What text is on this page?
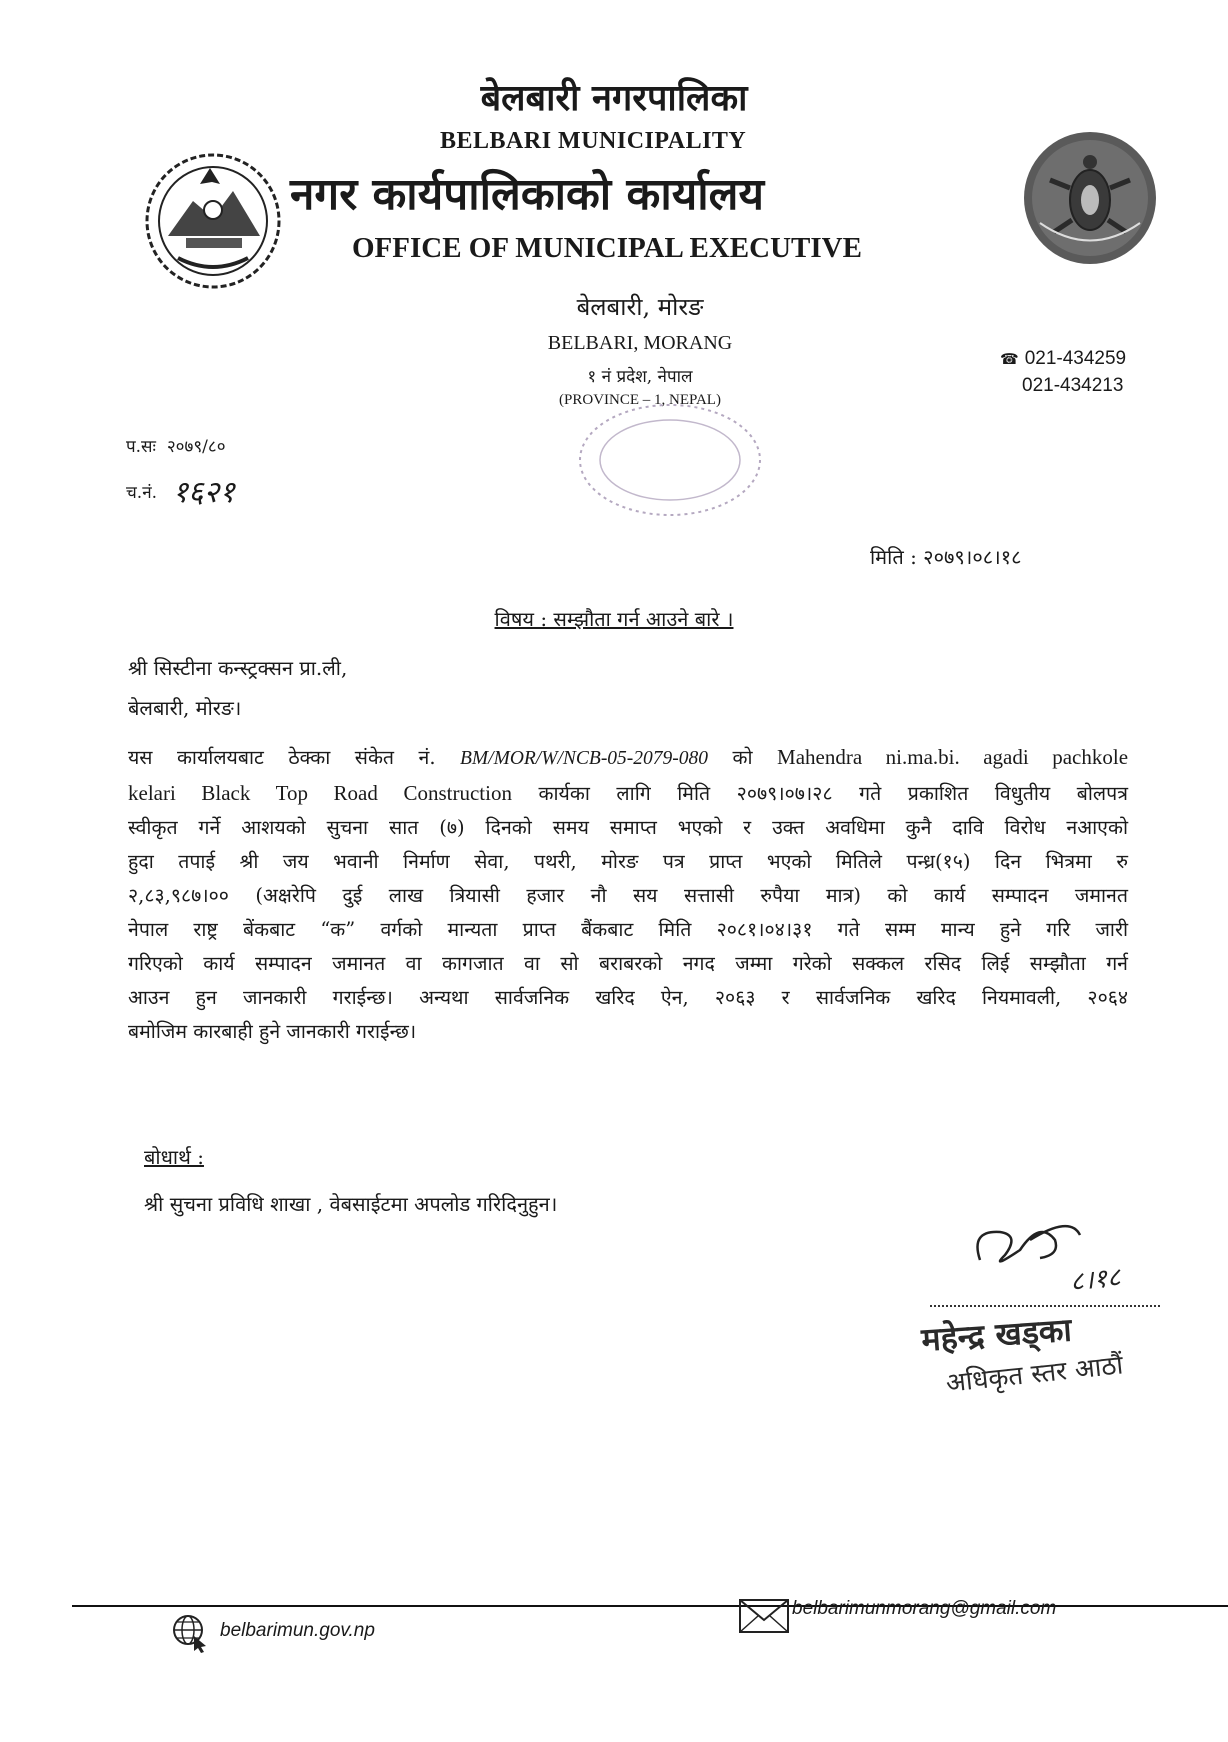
बेलबारी नगरपालिका
BELBARI MUNICIPALITY
नगर कार्यपालिकाको कार्यालय
OFFICE OF MUNICIPAL EXECUTIVE
बेलबारी, मोरङ
BELBARI, MORANG
१ नं प्रदेश, नेपाल
(PROVINCE – 1, NEPAL)
☎ 021-434259
021-434213
प.सः २०७९/८०
च.नं. १६२१
मिति : २०७९।०८।१८
विषय : सम्झौता गर्न आउने बारे ।
श्री सिस्टीना कन्स्ट्रक्सन प्रा.ली,
बेलबारी, मोरङ।
यस कार्यालयबाट ठेक्का संकेत नं. BM/MOR/W/NCB-05-2079-080 को Mahendra ni.ma.bi. agadi pachkole
kelari Black Top Road Construction कार्यका लागि मिति २०७९।०७।२८ गते प्रकाशित विधुतीय बोलपत्र
स्वीकृत गर्ने आशयको सुचना सात (७) दिनको समय समाप्त भएको र उक्त अवधिमा कुनै दावि विरोध नआएको
हुदा तपाई श्री जय भवानी निर्माण सेवा, पथरी, मोरङ पत्र प्राप्त भएको मितिले पन्ध्र(१५) दिन भित्रमा रु
२,८३,९८७।०० (अक्षरेपि दुई लाख त्रियासी हजार नौ सय सत्तासी रुपैया मात्र) को कार्य सम्पादन जमानत
नेपाल राष्ट्र बेंकबाट “क” वर्गको मान्यता प्राप्त बैंकबाट मिति २०८१।०४।३१ गते सम्म मान्य हुने गरि जारी
गरिएको कार्य सम्पादन जमानत वा कागजात वा सो बराबरको नगद जम्मा गरेको सक्कल रसिद लिई सम्झौता गर्न
आउन हुन जानकारी गराईन्छ। अन्यथा सार्वजनिक खरिद ऐन, २०६३ र सार्वजनिक खरिद नियमावली, २०६४
बमोजिम कारबाही हुने जानकारी गराईन्छ।
बोधार्थ :
श्री सुचना प्रविधि शाखा , वेबसाईटमा अपलोड गरिदिनुहुन।
८।१८
महेन्द्र खड्का
अधिकृत स्तर आठौं
belbarimun.gov.np
belbarimunmorang@gmail.com
